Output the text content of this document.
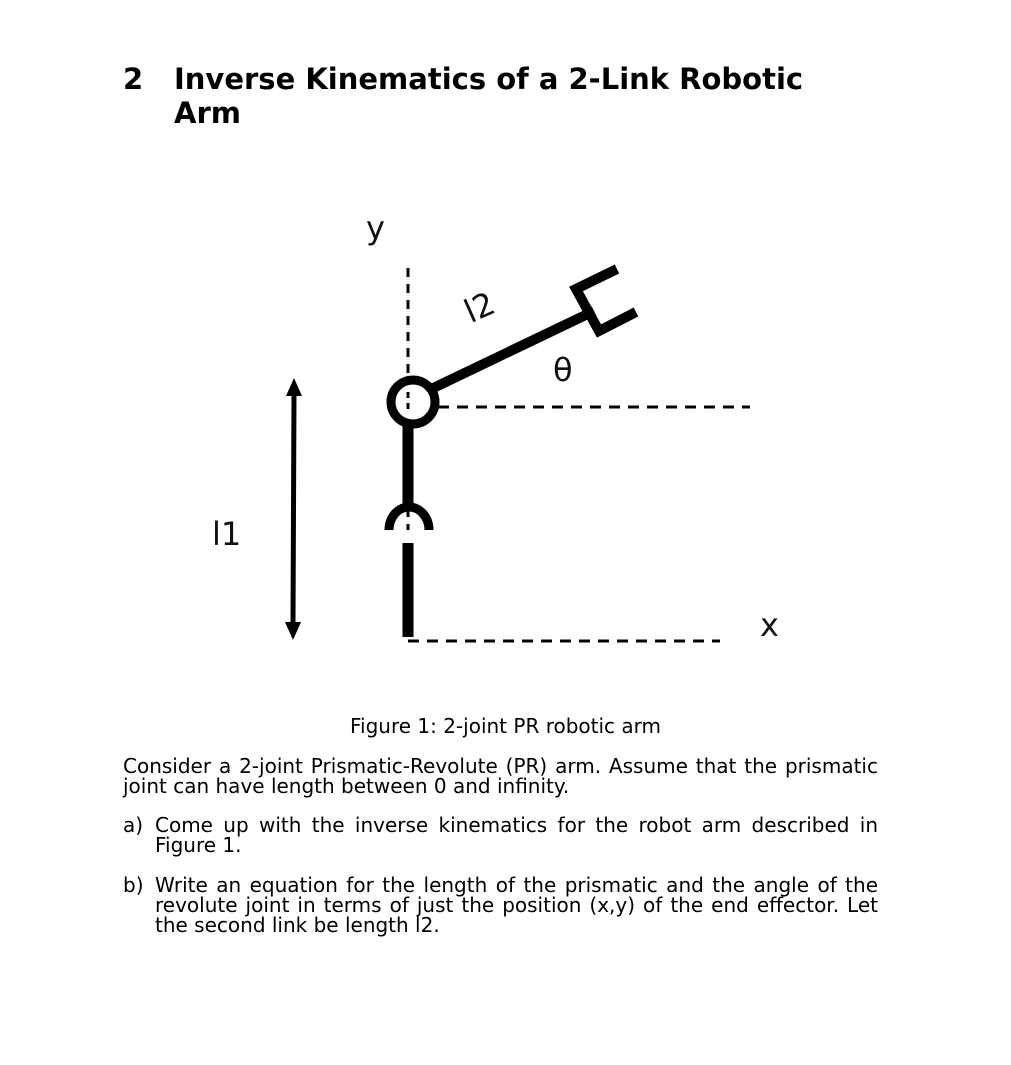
2 Inverse Kinematics of a 2-Link Robotic Arm
y
x
l2
θ
l1
Figure 1: 2-joint PR robotic arm
Consider a 2-joint Prismatic-Revolute (PR) arm. Assume that the prismatic joint can have length between 0 and infinity.
a) Come up with the inverse kinematics for the robot arm described in Figure 1.
b) Write an equation for the length of the prismatic and the angle of the revolute joint in terms of just the position (x,y) of the end effector. Let the second link be length l2.
